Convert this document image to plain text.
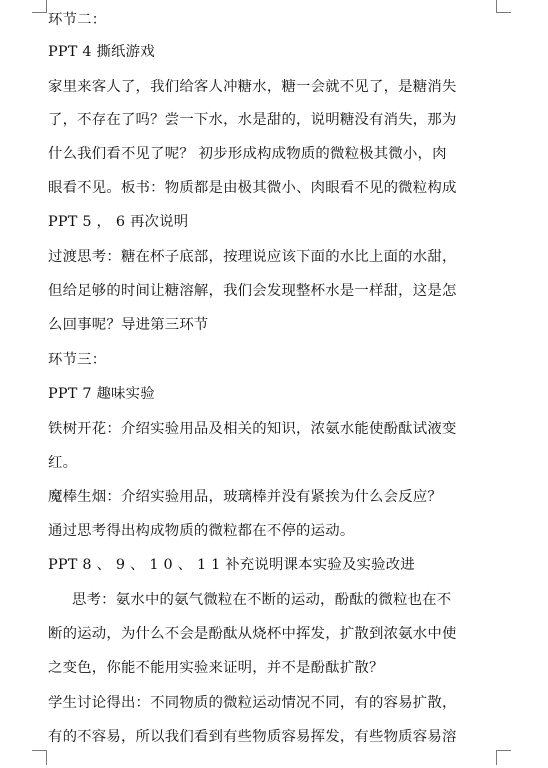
环节二：
PPT 4 撕纸游戏
家里来客人了，我们给客人冲糖水，糖一会就不见了，是糖消失
了，不存在了吗？尝一下水，水是甜的，说明糖没有消失，那为
什么我们看不见了呢？ 初步形成构成物质的微粒极其微小，肉
眼看不见。板书：物质都是由极其微小、肉眼看不见的微粒构成
PPT 5 ， 6 再次说明
过渡思考：糖在杯子底部，按理说应该下面的水比上面的水甜，
但给足够的时间让糖溶解，我们会发现整杯水是一样甜，这是怎
么回事呢？导进第三环节
环节三：
PPT 7 趣味实验
铁树开花：介绍实验用品及相关的知识，浓氨水能使酚酞试液变
红。
魔棒生烟：介绍实验用品，玻璃棒并没有紧挨为什么会反应？
通过思考得出构成物质的微粒都在不停的运动。
PPT 8 、 9 、 1 0 、 1 1 补充说明课本实验及实验改进
思考：氨水中的氨气微粒在不断的运动，酚酞的微粒也在不
断的运动，为什么不会是酚酞从烧杯中挥发，扩散到浓氨水中使
之变色，你能不能用实验来证明，并不是酚酞扩散？
学生讨论得出：不同物质的微粒运动情况不同，有的容易扩散，
有的不容易，所以我们看到有些物质容易挥发，有些物质容易溶
